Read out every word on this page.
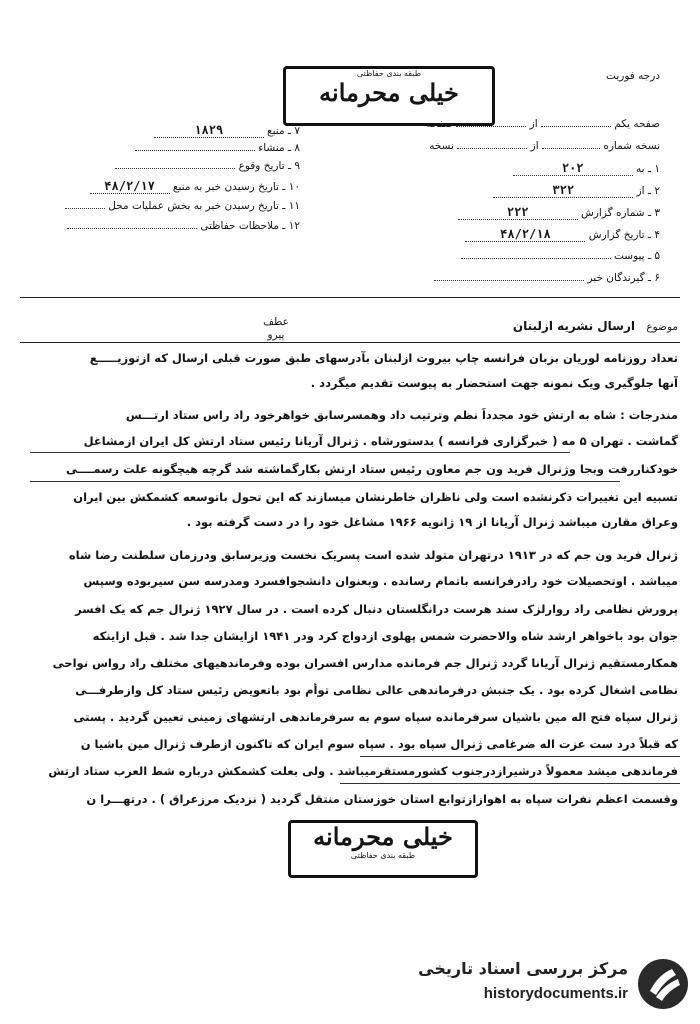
درجه فوریت
طبقه بندی حفاظتی
خیلی محرمانه
صفحه یکم  از  صفحه
نسخه شماره  از  نسخه
۱ ـ به ۲۰۲
۲ ـ از ۳۲۲
۳ ـ شماره گزارش ۲۲۲
۴ ـ تاریخ گزارش ۴۸/۲/۱۸
۵ ـ پیوست
۶ ـ گیرندگان خبر
۷ ـ منبع ۱۸۲۹
۸ ـ منشاء
۹ ـ تاریخ وقوع
۱۰ ـ تاریخ رسیدن خبر به منبع ۴۸/۲/۱۷
۱۱ ـ تاریخ رسیدن خبر به بخش عملیات محل
۱۲ ـ ملاحظات حفاظتی
موضوع ارسال نشریه ازلبنان
عطف
پیرو
تعداد روزنامه لوریان بزبان فرانسه چاپ بیروت ازلبنان بآدرسهای طبق صورت قبلی ارسال که ازتوزیـــــع
آنها جلوگیری ویک نمونه جهت استحضار به پیوست تقدیم میگردد .
مندرجات : شاه به ارتش خود مجدداً نظم وترتیب داد وهمسرسابق خواهرخود راد راس ستاد ارتـــس
گماشت . تهران ۵ مه ( خبرگزاری فرانسه ) بدستورشاه . ژنرال آریانا رئیس ستاد ارتش کل ایران ازمشاغل
خودکناررفت وبجا وژنرال فرید ون جم معاون رئیس ستاد ارتش بکارگماشته شد گرچه هیچگونه علت رسمــــی
تسبیه این تغییرات ذکرنشده است ولی ناظران خاطرنشان میسازند که این تحول باتوسعه کشمکش بین ایران
وعراق مقارن میباشد ژنرال آریانا از ۱۹ ژانویه ۱۹۶۶ مشاغل خود را در دست گرفته بود .
ژنرال فرید ون جم که در ۱۹۱۳ درتهران متولد شده است پسریک نخست وزیرسابق ودرزمان سلطنت رضا شاه
میباشد . اوتحصیلات خود رادرفرانسه باتمام رسانده . وبعنوان دانشجوافسرد ومدرسه سن سیربوده وسپس
پرورش نظامی راد روارلزک سند هرست درانگلستان دنبال کرده است . در سال ۱۹۲۷ ژنرال جم که یک افسر
جوان بود باخواهر ارشد شاه والاحضرت شمس پهلوی ازدواج کرد ودر ۱۹۴۱ ازایشان جدا شد . قبل ازاینکه
همکارمستقیم ژنرال آریانا گردد ژنرال جم فرمانده مدارس افسران بوده وفرماندهیهای مختلف راد رواس نواحی
نظامی اشغال کرده بود . یک جنبش درفرماندهی عالی نظامی توأم بود باتعویض رئیس ستاد کل وازطرفـــی
ژنرال سپاه فتح اله مین باشیان سرفرمانده سپاه سوم به سرفرماندهی ارتشهای زمینی تعیین گردید . پستی
که قبلاً درد ست عزت اله ضرغامی ژنرال سپاه بود . سپاه سوم ایران که تاکنون ازطرف ژنرال مین باشیا ن
فرماندهی میشد معمولاً درشیرازدرجنوب کشورمستقرمیباشد . ولی بعلت کشمکش درباره شط العرب ستاد ارتش
وقسمت اعظم نفرات سپاه به اهوازازتوابع استان خوزستان منتقل گردید ( نزدیک مرزعراق ) . درتهـــرا ن
خیلی محرمانه
طبقه بندی حفاظتی
مرکز بررسی اسناد تاریخی
historydocuments.ir
